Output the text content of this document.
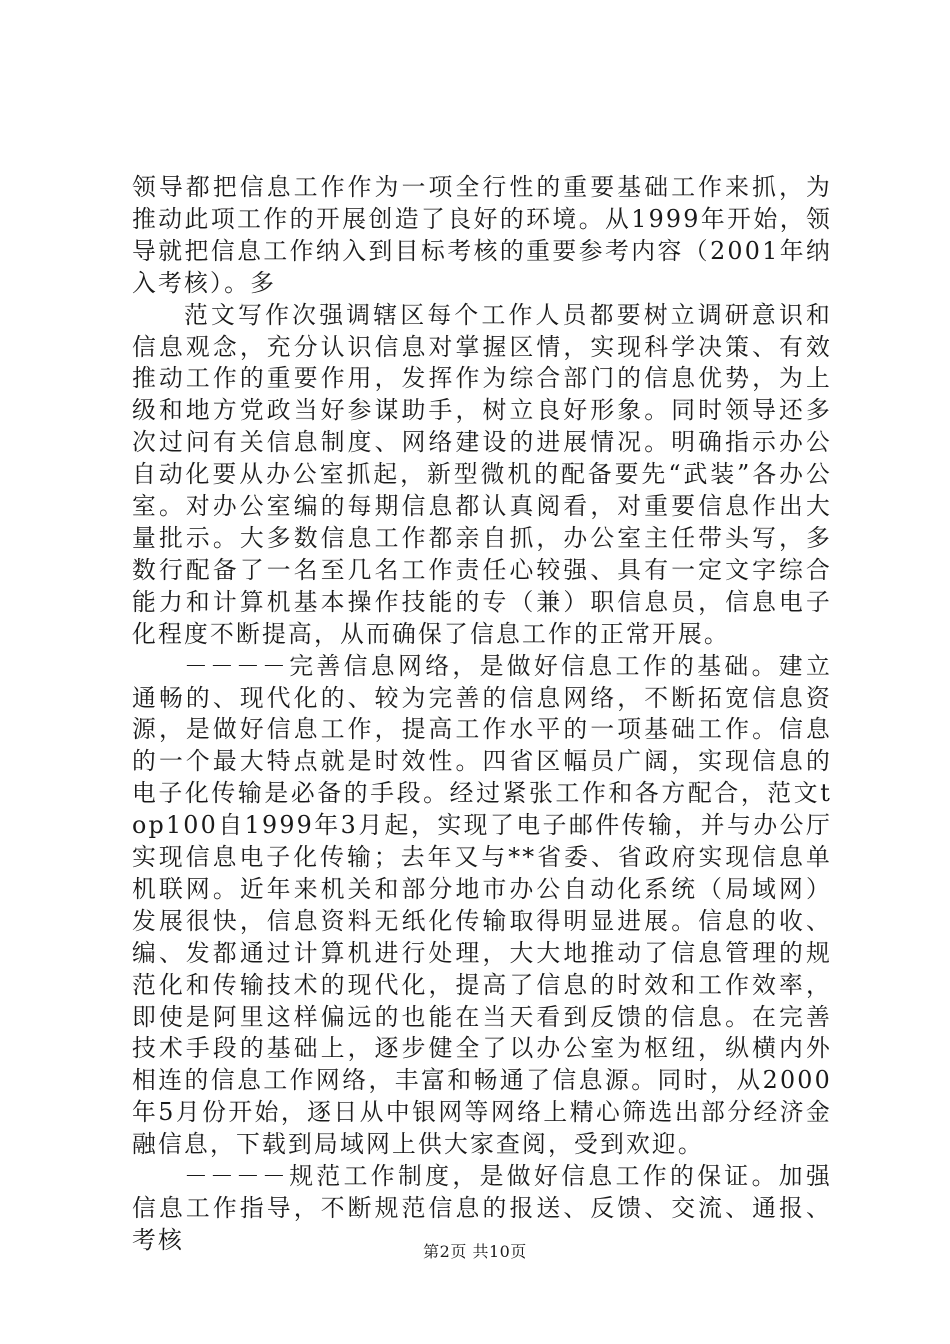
领导都把信息工作作为一项全行性的重要基础工作来抓，为推动此项工作的开展创造了良好的环境。从1999年开始，领导就把信息工作纳入到目标考核的重要参考内容（2001年纳入考核）。多

范文写作次强调辖区每个工作人员都要树立调研意识和信息观念，充分认识信息对掌握区情，实现科学决策、有效推动工作的重要作用，发挥作为综合部门的信息优势，为上级和地方党政当好参谋助手，树立良好形象。同时领导还多次过问有关信息制度、网络建设的进展情况。明确指示办公自动化要从办公室抓起，新型微机的配备要先“武装”各办公室。对办公室编的每期信息都认真阅看，对重要信息作出大量批示。大多数信息工作都亲自抓，办公室主任带头写，多数行配备了一名至几名工作责任心较强、具有一定文字综合能力和计算机基本操作技能的专（兼）职信息员，信息电子化程度不断提高，从而确保了信息工作的正常开展。

－－－－完善信息网络，是做好信息工作的基础。建立通畅的、现代化的、较为完善的信息网络，不断拓宽信息资源，是做好信息工作，提高工作水平的一项基础工作。信息的一个最大特点就是时效性。四省区幅员广阔，实现信息的电子化传输是必备的手段。经过紧张工作和各方配合，范文top100自1999年3月起，实现了电子邮件传输，并与办公厅实现信息电子化传输；去年又与**省委、省政府实现信息单机联网。近年来机关和部分地市办公自动化系统（局域网）发展很快，信息资料无纸化传输取得明显进展。信息的收、编、发都通过计算机进行处理，大大地推动了信息管理的规范化和传输技术的现代化，提高了信息的时效和工作效率，即使是阿里这样偏远的也能在当天看到反馈的信息。在完善技术手段的基础上，逐步健全了以办公室为枢纽，纵横内外相连的信息工作网络，丰富和畅通了信息源。同时，从2000年5月份开始，逐日从中银网等网络上精心筛选出部分经济金融信息，下载到局域网上供大家查阅，受到欢迎。

－－－－规范工作制度，是做好信息工作的保证。加强信息工作指导，不断规范信息的报送、反馈、交流、通报、考核	第2页 共10页
